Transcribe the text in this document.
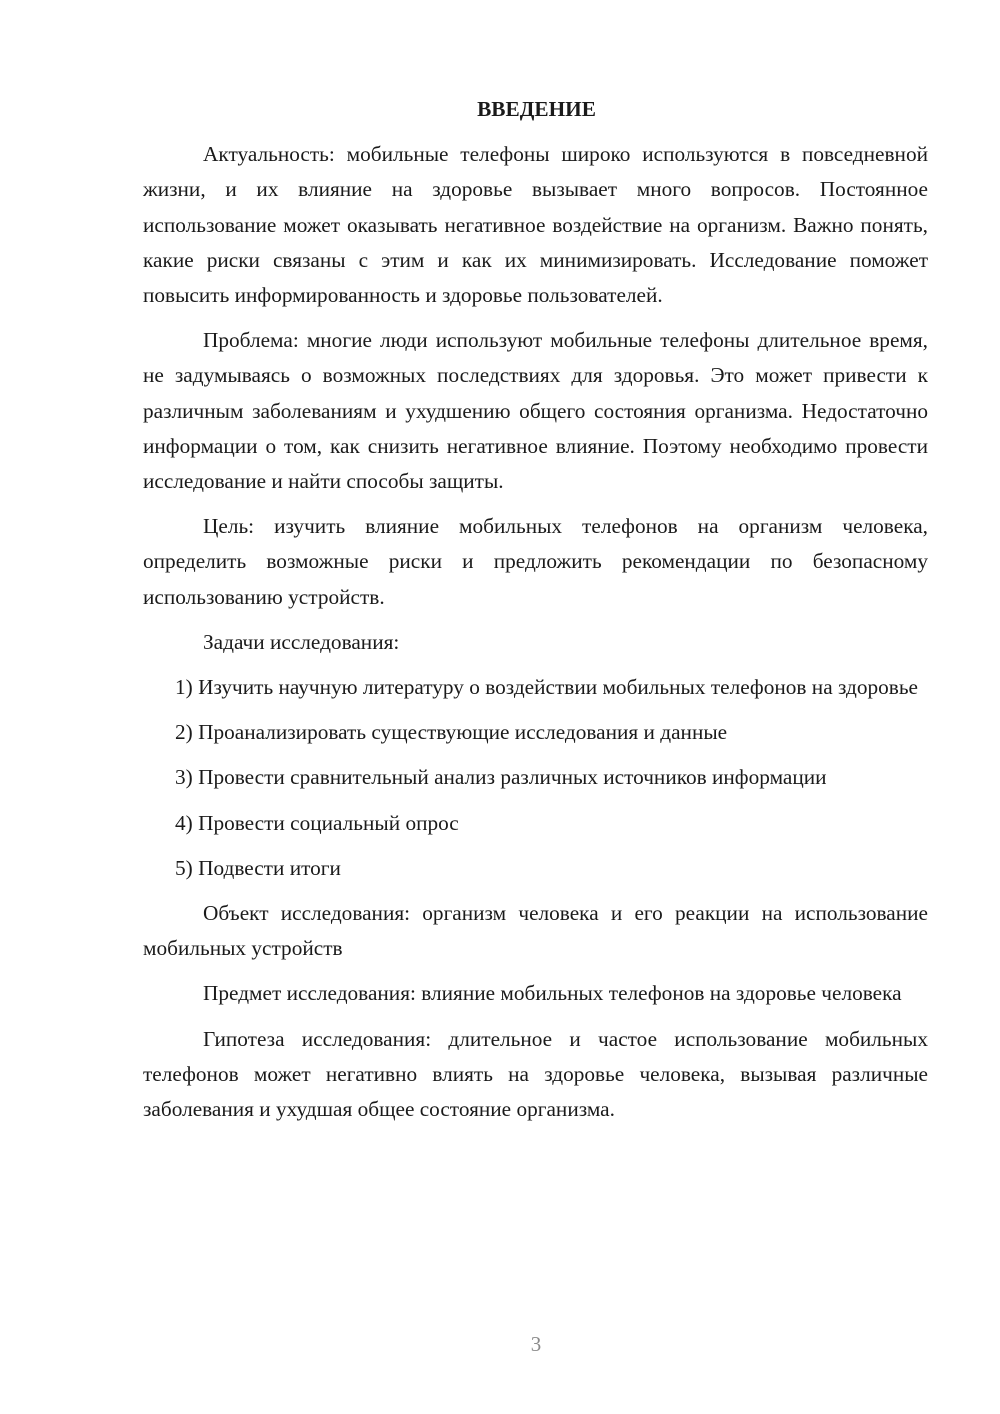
ВВЕДЕНИЕ

Актуальность: мобильные телефоны широко используются в повседневной жизни, и их влияние на здоровье вызывает много вопросов. Постоянное использование может оказывать негативное воздействие на организм. Важно понять, какие риски связаны с этим и как их минимизировать. Исследование поможет повысить информированность и здоровье пользователей.

Проблема: многие люди используют мобильные телефоны длительное время, не задумываясь о возможных последствиях для здоровья. Это может привести к различным заболеваниям и ухудшению общего состояния организма. Недостаточно информации о том, как снизить негативное влияние. Поэтому необходимо провести исследование и найти способы защиты.

Цель: изучить влияние мобильных телефонов на организм человека, определить возможные риски и предложить рекомендации по безопасному использованию устройств.

Задачи исследования:

1) Изучить научную литературу о воздействии мобильных телефонов на здоровье

2) Проанализировать существующие исследования и данные

3) Провести сравнительный анализ различных источников информации

4) Провести социальный опрос

5) Подвести итоги

Объект исследования: организм человека и его реакции на использование мобильных устройств

Предмет исследования: влияние мобильных телефонов на здоровье человека

Гипотеза исследования: длительное и частое использование мобильных телефонов может негативно влиять на здоровье человека, вызывая различные заболевания и ухудшая общее состояние организма.

3
